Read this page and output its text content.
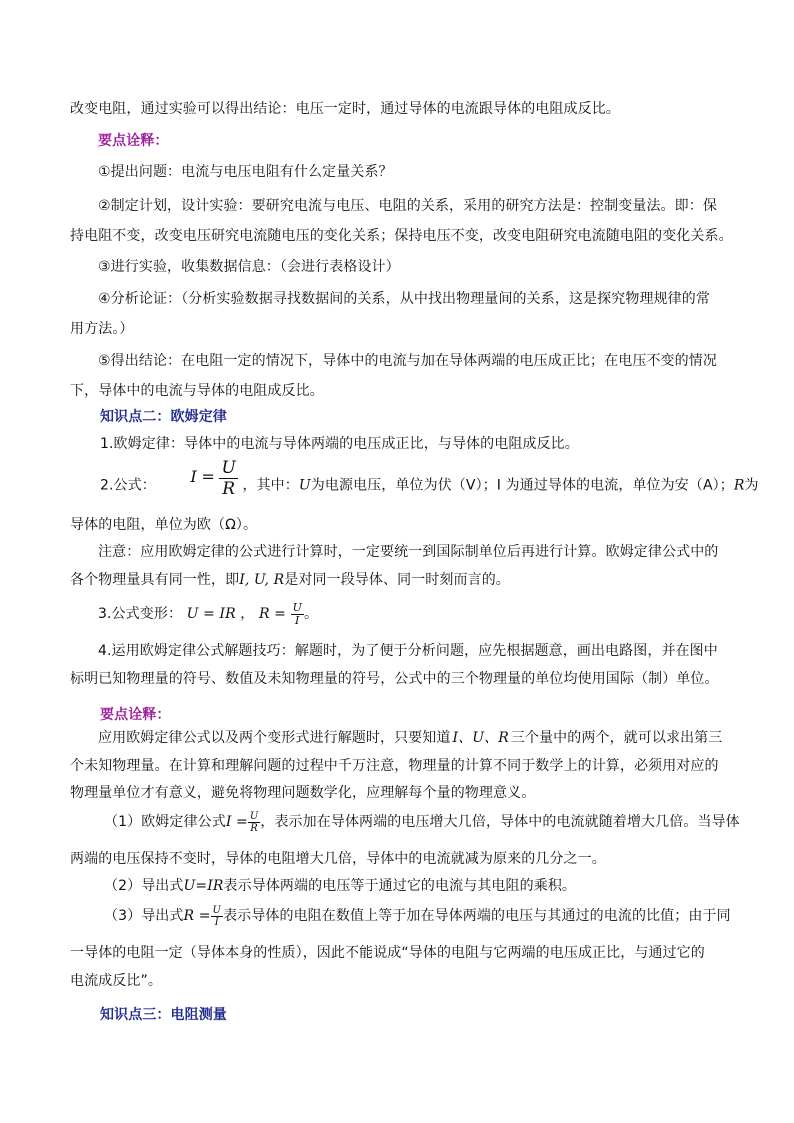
改变电阻，通过实验可以得出结论：电压一定时，通过导体的电流跟导体的电阻成反比。
要点诠释：
①提出问题：电流与电压电阻有什么定量关系？
②制定计划，设计实验：要研究电流与电压、电阻的关系，采用的研究方法是：控制变量法。即：保
持电阻不变，改变电压研究电流随电压的变化关系；保持电压不变，改变电阻研究电流随电阻的变化关系。
③进行实验，收集数据信息：（会进行表格设计）
④分析论证：（分析实验数据寻找数据间的关系，从中找出物理量间的关系，这是探究物理规律的常
用方法。）
⑤得出结论：在电阻一定的情况下，导体中的电流与加在导体两端的电压成正比；在电压不变的情况
下，导体中的电流与导体的电阻成反比。
知识点二：欧姆定律
1.欧姆定律：导体中的电流与导体两端的电压成正比，与导体的电阻成反比。
2.公式： $I = \frac{U}{R}$ ，其中：U为电源电压，单位为伏（V）；I 为通过导体的电流，单位为安（A）；R为
导体的电阻，单位为欧（Ω）。
注意：应用欧姆定律的公式进行计算时，一定要统一到国际制单位后再进行计算。欧姆定律公式中的
各个物理量具有同一性，即I, U, R是对同一段导体、同一时刻而言的。
3.公式变形： U = IR ， $R = \frac{U}{I}$ 。
4.运用欧姆定律公式解题技巧：解题时，为了便于分析问题，应先根据题意，画出电路图，并在图中
标明已知物理量的符号、数值及未知物理量的符号，公式中的三个物理量的单位均使用国际（制）单位。
要点诠释：
应用欧姆定律公式以及两个变形式进行解题时，只要知道 I、U、R 三个量中的两个，就可以求出第三
个未知物理量。在计算和理解问题的过程中千万注意，物理量的计算不同于数学上的计算，必须用对应的
物理量单位才有意义，避免将物理问题数学化，应理解每个量的物理意义。
（1）欧姆定律公式$I = \frac{U}{R}$ ，表示加在导体两端的电压增大几倍，导体中的电流就随着增大几倍。当导体
两端的电压保持不变时，导体的电阻增大几倍，导体中的电流就减为原来的几分之一。
（2）导出式U=IR表示导体两端的电压等于通过它的电流与其电阻的乘积。
（3）导出式$R = \frac{U}{I}$ 表示导体的电阻在数值上等于加在导体两端的电压与其通过的电流的比值；由于同
一导体的电阻一定（导体本身的性质），因此不能说成“导体的电阻与它两端的电压成正比，与通过它的
电流成反比”。
知识点三：电阻测量
